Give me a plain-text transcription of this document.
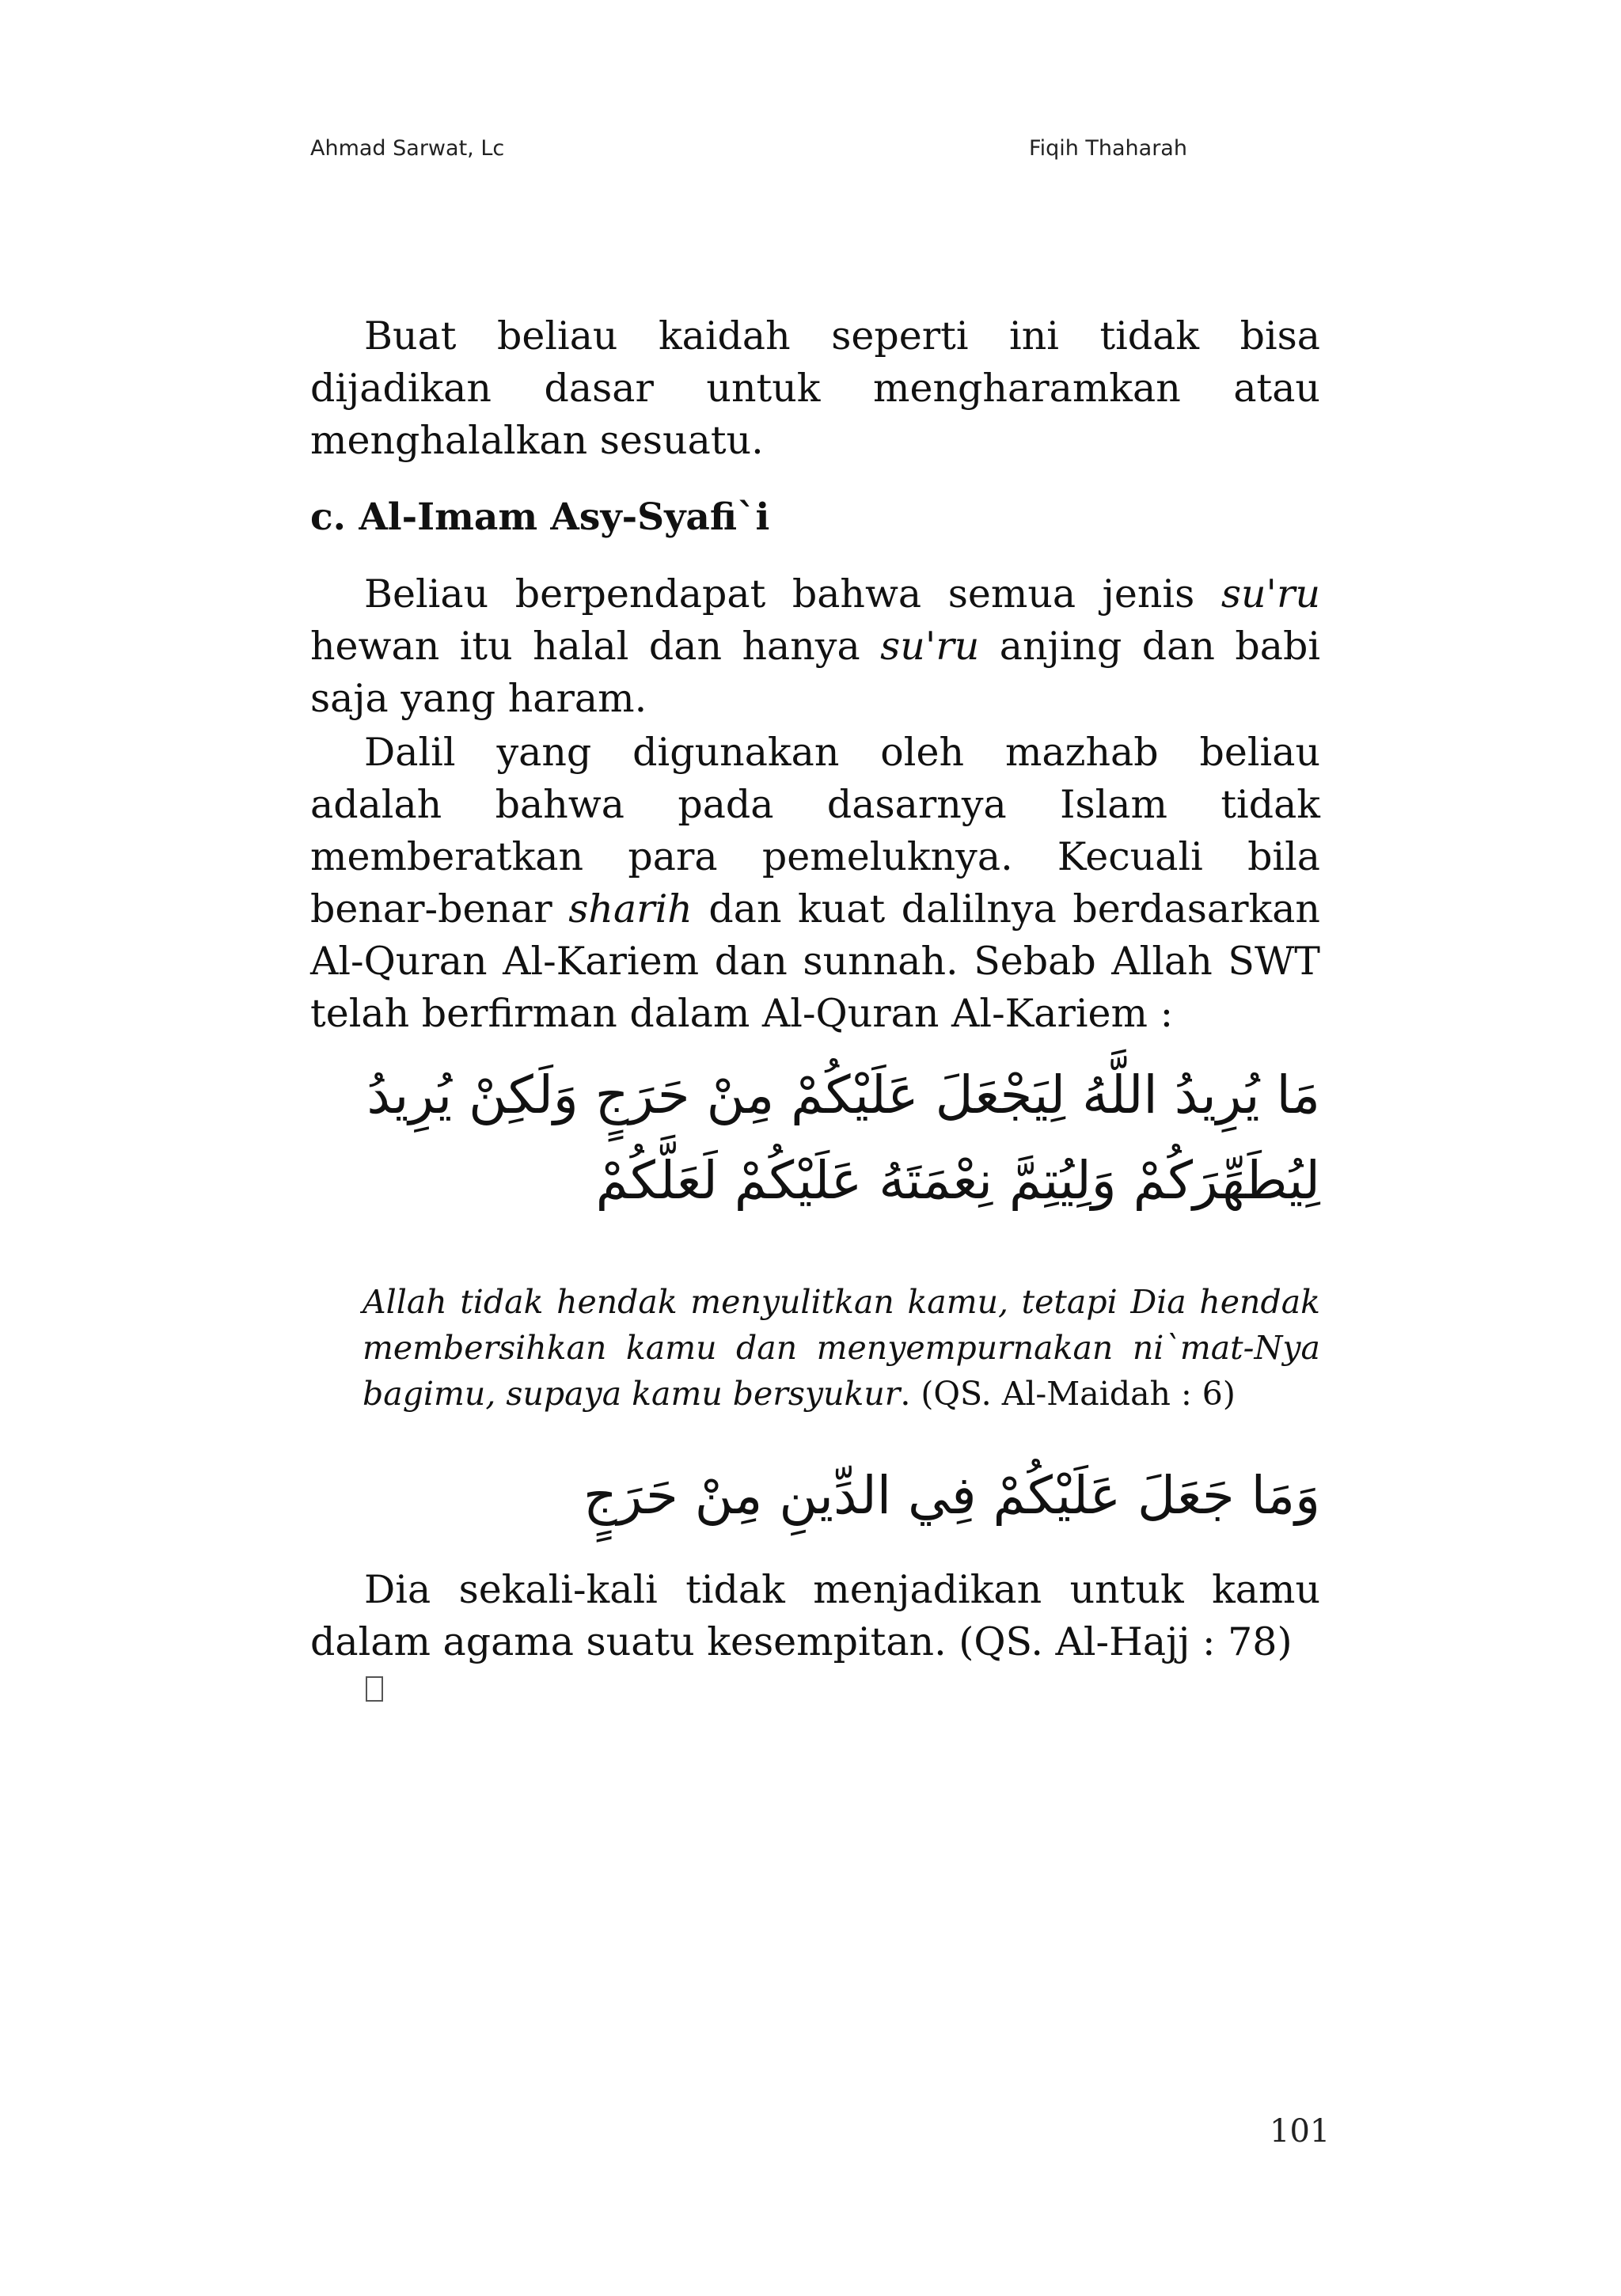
Ahmad Sarwat, Lc	Fiqih Thaharah

Buat beliau kaidah seperti ini tidak bisa dijadikan dasar untuk mengharamkan atau menghalalkan sesuatu.

c. Al-Imam Asy-Syafi`i

Beliau berpendapat bahwa semua jenis su'ru hewan itu halal dan hanya su'ru anjing dan babi saja yang haram.

Dalil yang digunakan oleh mazhab beliau adalah bahwa pada dasarnya Islam tidak memberatkan para pemeluknya. Kecuali bila benar-benar sharih dan kuat dalilnya berdasarkan Al-Quran Al-Kariem dan sunnah. Sebab Allah SWT telah berfirman dalam Al-Quran Al-Kariem :

مَا يُرِيدُ اللَّهُ لِيَجْعَلَ عَلَيْكُمْ مِنْ حَرَجٍ وَلَكِنْ يُرِيدُ لِيُطَهِّرَكُمْ وَلِيُتِمَّ نِعْمَتَهُ عَلَيْكُمْ لَعَلَّكُمْ

Allah tidak hendak menyulitkan kamu, tetapi Dia hendak membersihkan kamu dan menyempurnakan ni`mat-Nya bagimu, supaya kamu bersyukur. (QS. Al-Maidah : 6)

وَمَا جَعَلَ عَلَيْكُمْ فِي الدِّينِ مِنْ حَرَجٍ

Dia sekali-kali tidak menjadikan untuk kamu dalam agama suatu kesempitan. (QS. Al-Hajj : 78)

101
